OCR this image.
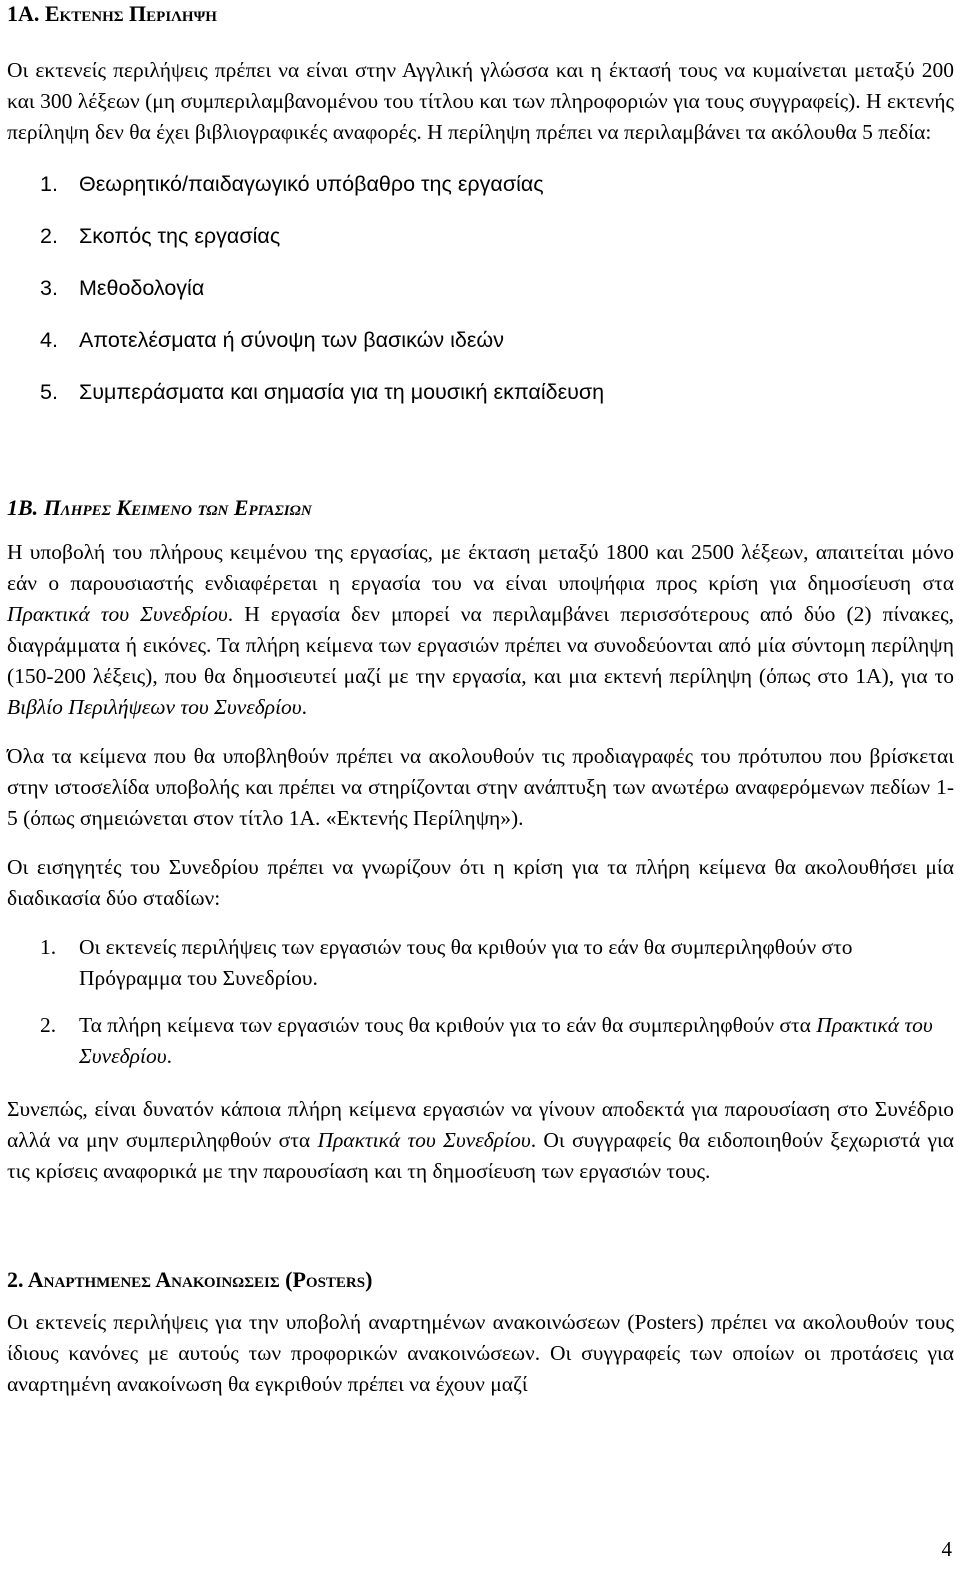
1Α. Εκτενης Περιληψη

Οι εκτενείς περιλήψεις πρέπει να είναι στην Αγγλική γλώσσα και η έκτασή τους να κυμαίνεται μεταξύ 200 και 300 λέξεων (μη συμπεριλαμβανομένου του τίτλου και των πληροφοριών για τους συγγραφείς). Η εκτενής περίληψη δεν θα έχει βιβλιογραφικές αναφορές. Η περίληψη πρέπει να περιλαμβάνει τα ακόλουθα 5 πεδία:

1. Θεωρητικό/παιδαγωγικό υπόβαθρο της εργασίας
2. Σκοπός της εργασίας
3. Μεθοδολογία
4. Αποτελέσματα ή σύνοψη των βασικών ιδεών
5. Συμπεράσματα και σημασία για τη μουσική εκπαίδευση
1Β. Πληρες Κειμενο των Εργασιων

Η υποβολή του πλήρους κειμένου της εργασίας, με έκταση μεταξύ 1800 και 2500 λέξεων, απαιτείται μόνο εάν ο παρουσιαστής ενδιαφέρεται η εργασία του να είναι υποψήφια προς κρίση για δημοσίευση στα Πρακτικά του Συνεδρίου. Η εργασία δεν μπορεί να περιλαμβάνει περισσότερους από δύο (2) πίνακες, διαγράμματα ή εικόνες. Τα πλήρη κείμενα των εργασιών πρέπει να συνοδεύονται από μία σύντομη περίληψη (150-200 λέξεις), που θα δημοσιευτεί μαζί με την εργασία, και μια εκτενή περίληψη (όπως στο 1Α), για το Βιβλίο Περιλήψεων του Συνεδρίου.

Όλα τα κείμενα που θα υποβληθούν πρέπει να ακολουθούν τις προδιαγραφές του πρότυπου που βρίσκεται στην ιστοσελίδα υποβολής και πρέπει να στηρίζονται στην ανάπτυξη των ανωτέρω αναφερόμενων πεδίων 1-5 (όπως σημειώνεται στον τίτλο 1Α. «Εκτενής Περίληψη»).

Οι εισηγητές του Συνεδρίου πρέπει να γνωρίζουν ότι η κρίση για τα πλήρη κείμενα θα ακολουθήσει μία διαδικασία δύο σταδίων:

1. Οι εκτενείς περιλήψεις των εργασιών τους θα κριθούν για το εάν θα συμπεριληφθούν στο Πρόγραμμα του Συνεδρίου.
2. Τα πλήρη κείμενα των εργασιών τους θα κριθούν για το εάν θα συμπεριληφθούν στα Πρακτικά του Συνεδρίου.

Συνεπώς, είναι δυνατόν κάποια πλήρη κείμενα εργασιών να γίνουν αποδεκτά για παρουσίαση στο Συνέδριο αλλά να μην συμπεριληφθούν στα Πρακτικά του Συνεδρίου. Οι συγγραφείς θα ειδοποιηθούν ξεχωριστά για τις κρίσεις αναφορικά με την παρουσίαση και τη δημοσίευση των εργασιών τους.

2. Αναρτημενες Ανακοινωσεις (Posters)

Οι εκτενείς περιλήψεις για την υποβολή αναρτημένων ανακοινώσεων (Posters) πρέπει να ακολουθούν τους ίδιους κανόνες με αυτούς των προφορικών ανακοινώσεων. Οι συγγραφείς των οποίων οι προτάσεις για αναρτημένη ανακοίνωση θα εγκριθούν πρέπει να έχουν μαζί

4
